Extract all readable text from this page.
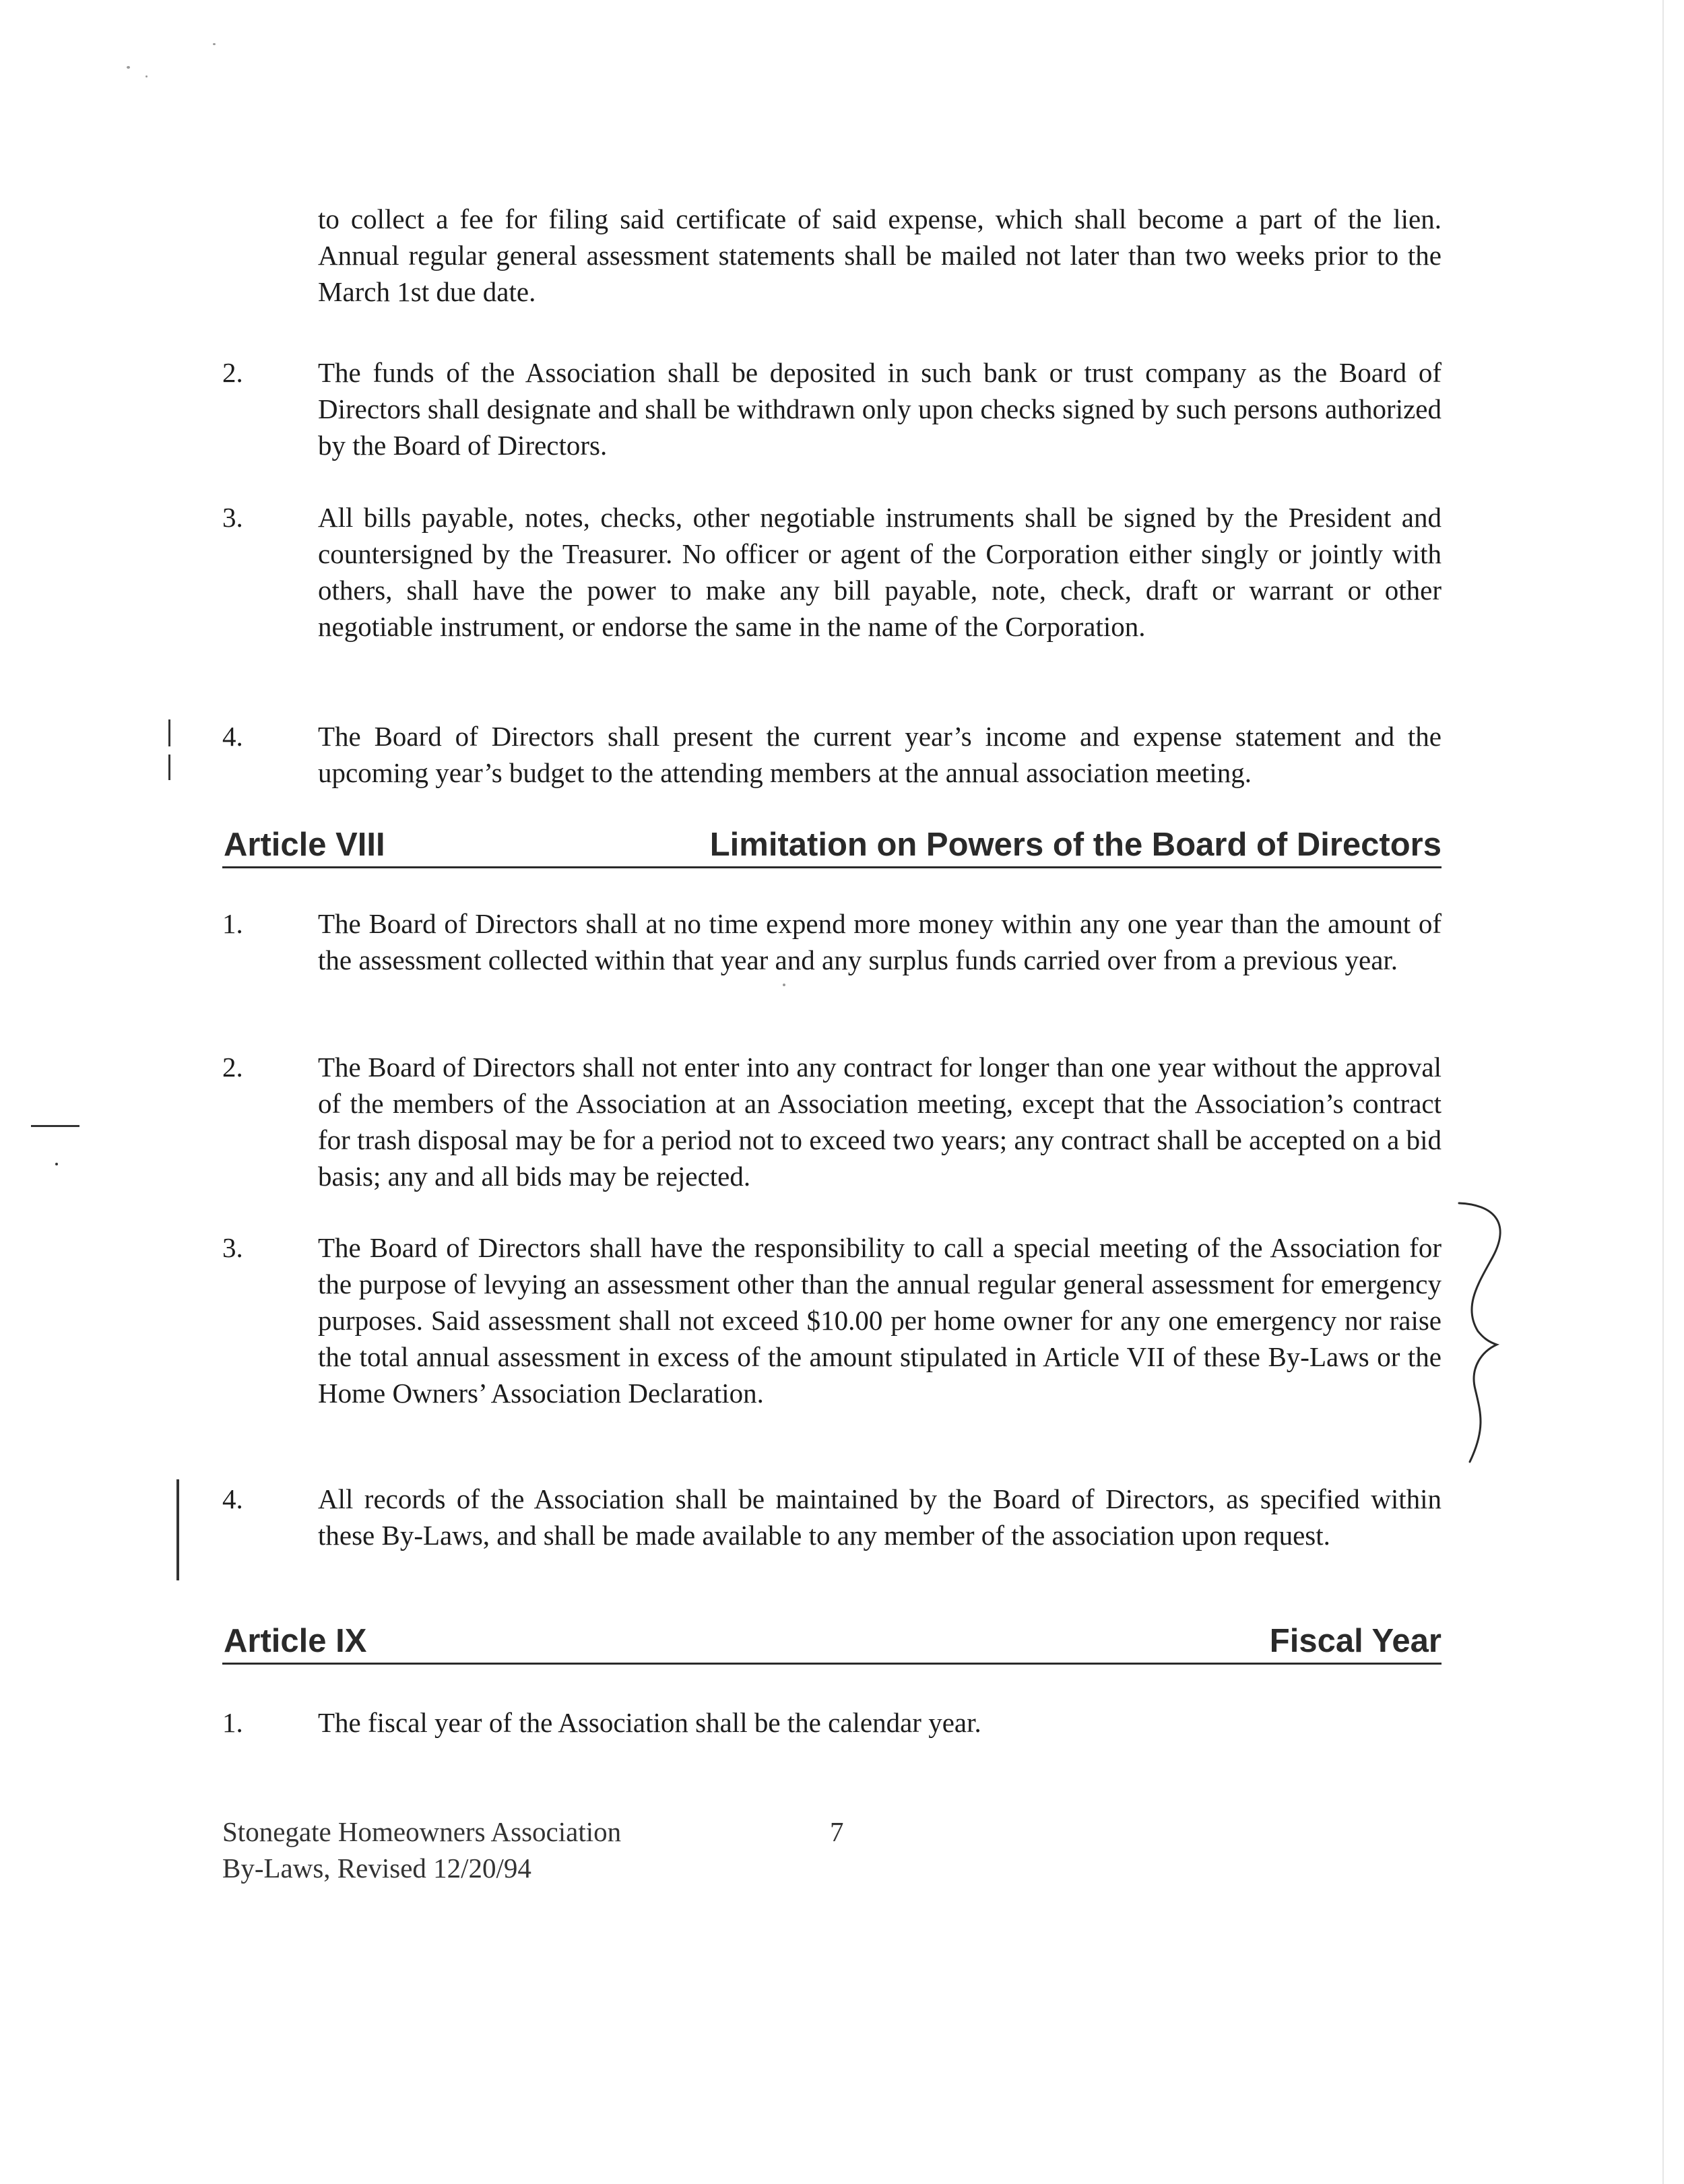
to collect a fee for filing said certificate of said expense, which shall become a part of the lien. Annual regular general assessment statements shall be mailed not later than two weeks prior to the March 1st due date.
2.	The funds of the Association shall be deposited in such bank or trust company as the Board of Directors shall designate and shall be withdrawn only upon checks signed by such persons authorized by the Board of Directors.
3.	All bills payable, notes, checks, other negotiable instruments shall be signed by the President and countersigned by the Treasurer. No officer or agent of the Corporation either singly or jointly with others, shall have the power to make any bill payable, note, check, draft or warrant or other negotiable instrument, or endorse the same in the name of the Corporation.
4.	The Board of Directors shall present the current year’s income and expense statement and the upcoming year’s budget to the attending members at the annual association meeting.
Article VIII	Limitation on Powers of the Board of Directors
1.	The Board of Directors shall at no time expend more money within any one year than the amount of the assessment collected within that year and any surplus funds carried over from a previous year.
2.	The Board of Directors shall not enter into any contract for longer than one year without the approval of the members of the Association at an Association meeting, except that the Association’s contract for trash disposal may be for a period not to exceed two years; any contract shall be accepted on a bid basis; any and all bids may be rejected.
3.	The Board of Directors shall have the responsibility to call a special meeting of the Association for the purpose of levying an assessment other than the annual regular general assessment for emergency purposes. Said assessment shall not exceed $10.00 per home owner for any one emergency nor raise the total annual assessment in excess of the amount stipulated in Article VII of these By-Laws or the Home Owners’ Association Declaration.
4.	All records of the Association shall be maintained by the Board of Directors, as specified within these By-Laws, and shall be made available to any member of the association upon request.
Article IX	Fiscal Year
1.	The fiscal year of the Association shall be the calendar year.
Stonegate Homeowners Association
By-Laws, Revised 12/20/94
7
